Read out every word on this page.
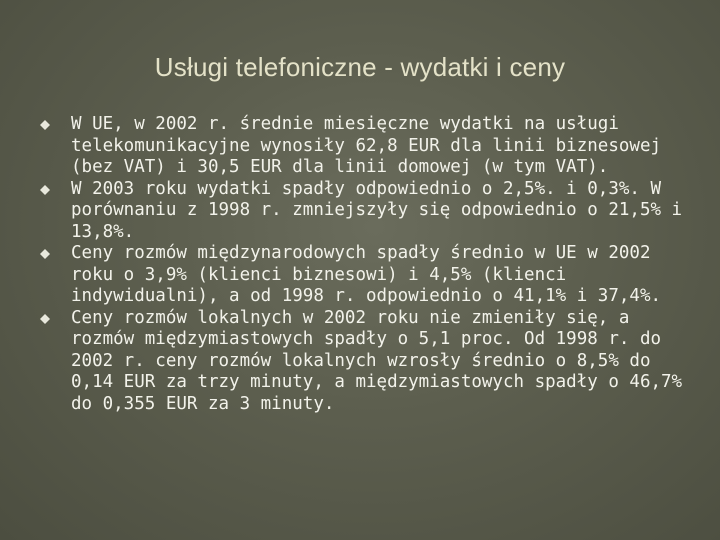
Usługi telefoniczne - wydatki i ceny
W UE, w 2002 r. średnie miesięczne wydatki na usługi telekomunikacyjne wynosiły 62,8 EUR dla linii biznesowej (bez VAT) i 30,5 EUR dla linii domowej (w tym VAT).
W 2003 roku wydatki spadły odpowiednio o 2,5%. i 0,3%. W porównaniu z 1998 r. zmniejszyły się odpowiednio o 21,5% i 13,8%.
Ceny rozmów międzynarodowych spadły średnio w UE w 2002 roku o 3,9% (klienci biznesowi) i 4,5% (klienci indywidualni), a od 1998 r. odpowiednio o 41,1% i 37,4%.
Ceny rozmów lokalnych w 2002 roku nie zmieniły się, a rozmów międzymiastowych spadły o 5,1 proc. Od 1998 r. do 2002 r. ceny rozmów lokalnych wzrosły średnio o 8,5% do 0,14 EUR za trzy minuty, a międzymiastowych spadły o 46,7% do 0,355 EUR za 3 minuty.
